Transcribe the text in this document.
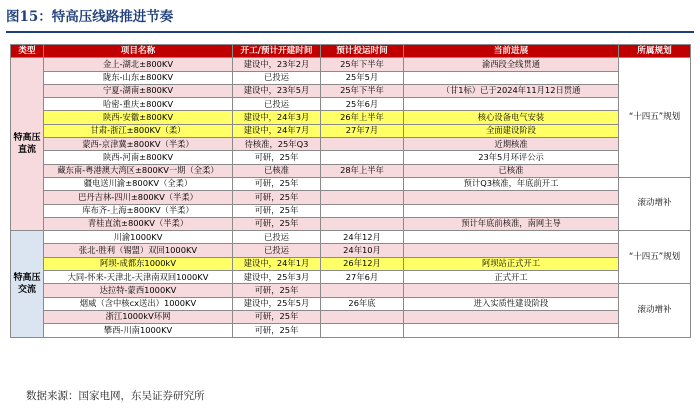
图15：特高压线路推进节奏
类型	项目名称	开工/预计开建时间	预计投运时间	当前进展	所属规划
特高压直流	金上-湖北±800KV	建设中，23年2月	25年下半年	渝西段全线贯通	“十四五”规划
	陇东-山东±800KV	已投运	25年5月		
	宁夏-湖南±800KV	建设中，23年5月	25年下半年	（甘1标）已于2024年11月12日贯通	
	哈密-重庆±800KV	已投运	25年6月		
	陕西-安徽±800KV	建设中，24年3月	26年上半年	核心设备电气安装	
	甘肃-浙江±800KV（柔）	建设中，24年7月	27年7月	全面建设阶段	
	蒙西-京津冀±800KV（半柔）	待核准，25年Q3		近期核准	
	陕西-河南±800KV	可研，25年		23年5月环评公示	
	藏东南-粤港澳大湾区±800KV一期（全柔）	已核准	28年上半年	已核准	
	疆电送川渝±800KV（全柔）	可研，25年		预计Q3核准，年底前开工	滚动增补
	巴丹吉林-四川±800KV（半柔）	可研，25年			
	库布齐-上海±800KV（半柔）	可研，25年			
	青桂直流±800KV（半柔）	可研，25年		预计年底前核准，南网主导	
特高压交流	川渝1000KV	已投运	24年12月		“十四五”规划
	张北-胜利（锡盟）双回1000KV	已投运	24年10月		
	阿坝-成都东1000kV	建设中，24年1月	26年12月	阿坝站正式开工	
	大同-怀来-天津北-天津南双回1000KV	建设中，25年3月	27年6月	正式开工	
	达拉特-蒙西1000KV	可研，25年			滚动增补
	烟威（含中核cx送出）1000KV	建设中，25年5月	26年底	进入实质性建设阶段	
	浙江1000kV环网	可研，25年			
	攀西-川南1000KV	可研，25年			
数据来源：国家电网，东吴证券研究所
